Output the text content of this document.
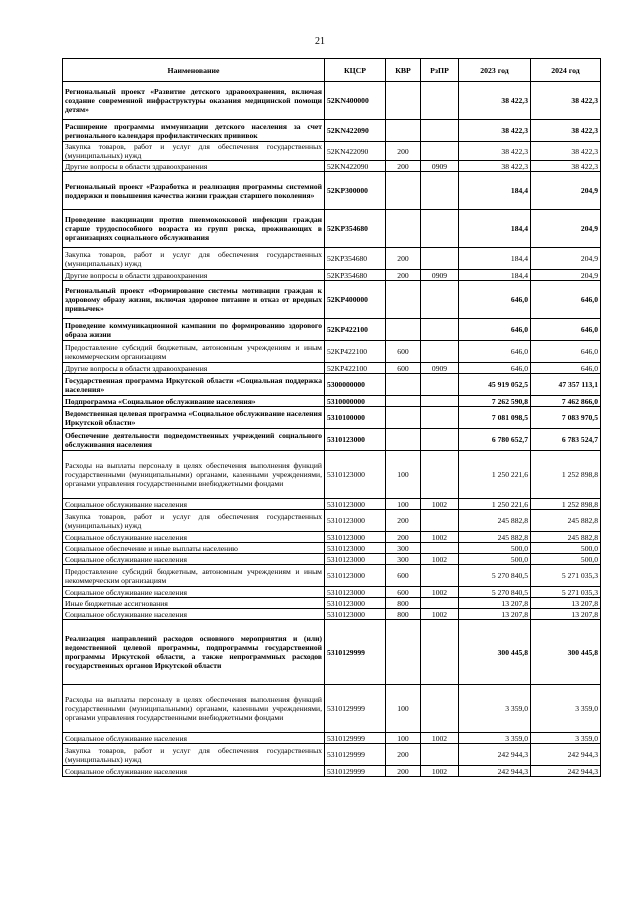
21
Наименование	КЦСР	КВР	РзПР	2023 год	2024 год
Региональный проект «Развитие детского здравоохранения, включая создание современной инфраструктуры оказания медицинской помощи детям»	52KN400000			38 422,3	38 422,3
Расширение программы иммунизации детского населения за счет регионального календаря профилактических прививок	52KN422090			38 422,3	38 422,3
Закупка товаров, работ и услуг для обеспечения государственных (муниципальных) нужд	52KN422090	200		38 422,3	38 422,3
Другие вопросы в области здравоохранения	52KN422090	200	0909	38 422,3	38 422,3
Региональный проект «Разработка и реализация программы системной поддержки и повышения качества жизни граждан старшего поколения»	52KP300000			184,4	204,9
Проведение вакцинации против пневмококковой инфекции граждан старше трудоспособного возраста из групп риска, проживающих в организациях социального обслуживания	52KP354680			184,4	204,9
Закупка товаров, работ и услуг для обеспечения государственных (муниципальных) нужд	52KP354680	200		184,4	204,9
Другие вопросы в области здравоохранения	52KP354680	200	0909	184,4	204,9
Региональный проект «Формирование системы мотивации граждан к здоровому образу жизни, включая здоровое питание и отказ от вредных привычек»	52KP400000			646,0	646,0
Проведение коммуникационной кампании по формированию здорового образа жизни	52KP422100			646,0	646,0
Предоставление субсидий бюджетным, автономным учреждениям и иным некоммерческим организациям	52KP422100	600		646,0	646,0
Другие вопросы в области здравоохранения	52KP422100	600	0909	646,0	646,0
Государственная программа Иркутской области «Социальная поддержка населения»	5300000000			45 919 052,5	47 357 113,1
Подпрограмма «Социальное обслуживание населения»	5310000000			7 262 590,8	7 462 866,0
Ведомственная целевая программа «Социальное обслуживание населения Иркутской области»	5310100000			7 081 098,5	7 083 970,5
Обеспечение деятельности подведомственных учреждений социального обслуживания населения	5310123000			6 780 652,7	6 783 524,7
Расходы на выплаты персоналу в целях обеспечения выполнения функций государственными (муниципальными) органами, казенными учреждениями, органами управления государственными внебюджетными фондами	5310123000	100		1 250 221,6	1 252 898,8
Социальное обслуживание населения	5310123000	100	1002	1 250 221,6	1 252 898,8
Закупка товаров, работ и услуг для обеспечения государственных (муниципальных) нужд	5310123000	200		245 882,8	245 882,8
Социальное обслуживание населения	5310123000	200	1002	245 882,8	245 882,8
Социальное обеспечение и иные выплаты населению	5310123000	300		500,0	500,0
Социальное обслуживание населения	5310123000	300	1002	500,0	500,0
Предоставление субсидий бюджетным, автономным учреждениям и иным некоммерческим организациям	5310123000	600		5 270 840,5	5 271 035,3
Социальное обслуживание населения	5310123000	600	1002	5 270 840,5	5 271 035,3
Иные бюджетные ассигнования	5310123000	800		13 207,8	13 207,8
Социальное обслуживание населения	5310123000	800	1002	13 207,8	13 207,8
Реализация направлений расходов основного мероприятия и (или) ведомственной целевой программы, подпрограммы государственной программы Иркутской области, а также непрограммных расходов государственных органов Иркутской области	5310129999			300 445,8	300 445,8
Расходы на выплаты персоналу в целях обеспечения выполнения функций государственными (муниципальными) органами, казенными учреждениями, органами управления государственными внебюджетными фондами	5310129999	100		3 359,0	3 359,0
Социальное обслуживание населения	5310129999	100	1002	3 359,0	3 359,0
Закупка товаров, работ и услуг для обеспечения государственных (муниципальных) нужд	5310129999	200		242 944,3	242 944,3
Социальное обслуживание населения	5310129999	200	1002	242 944,3	242 944,3
